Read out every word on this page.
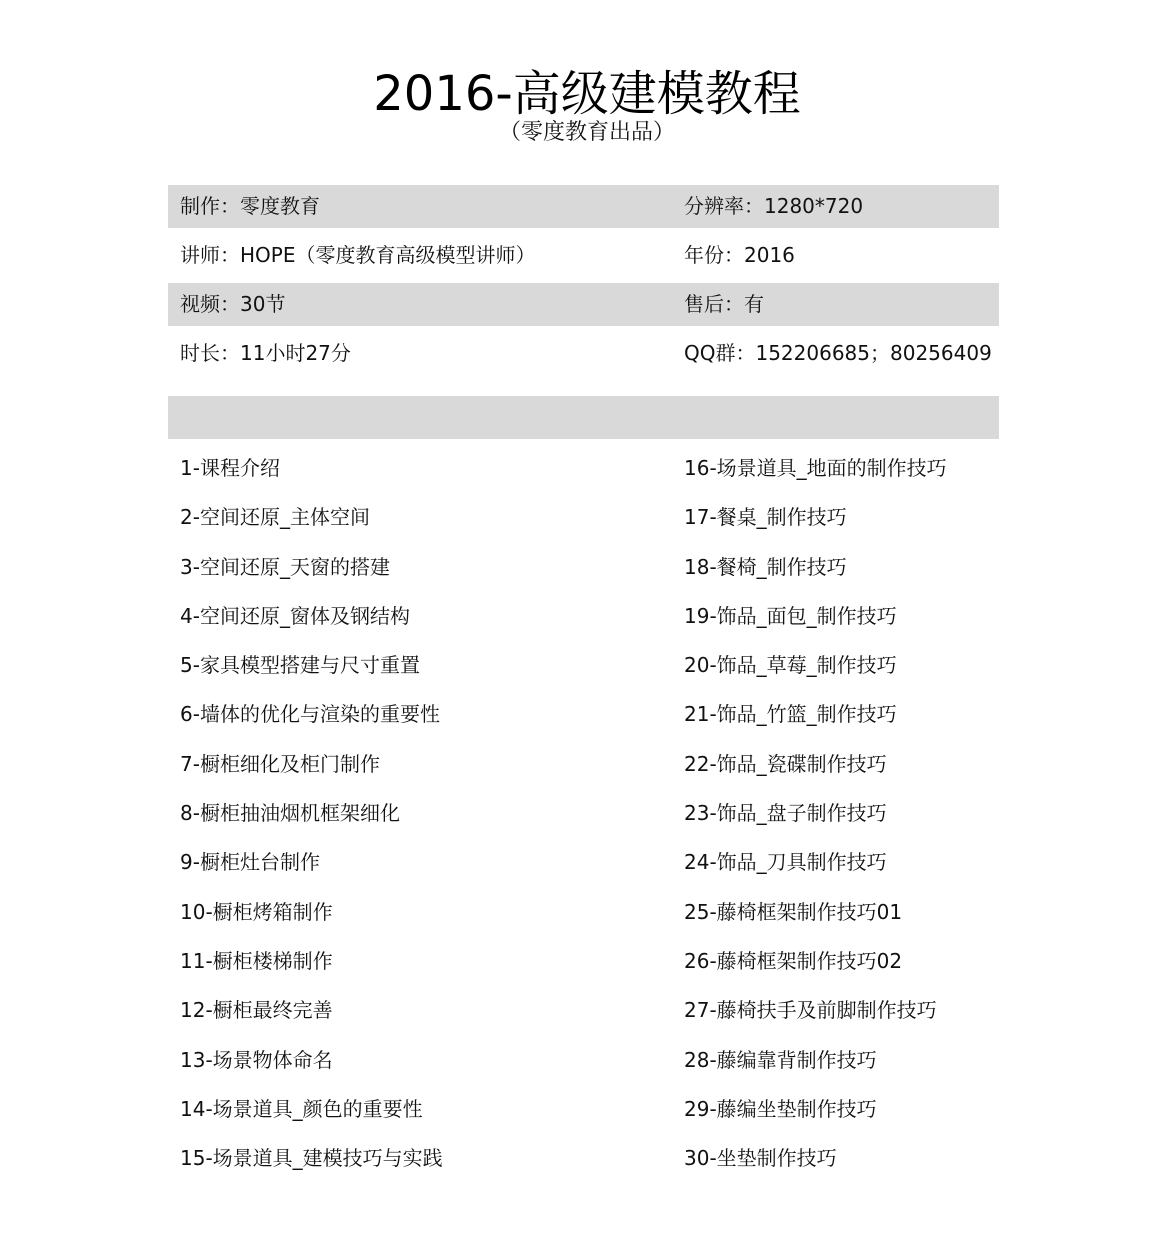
2016-高级建模教程
（零度教育出品）
制作：零度教育	分辨率：1280*720
讲师：HOPE（零度教育高级模型讲师）	年份：2016
视频：30节	售后：有
时长：11小时27分	QQ群：152206685；80256409
1-课程介绍	16-场景道具_地面的制作技巧
2-空间还原_主体空间	17-餐桌_制作技巧
3-空间还原_天窗的搭建	18-餐椅_制作技巧
4-空间还原_窗体及钢结构	19-饰品_面包_制作技巧
5-家具模型搭建与尺寸重置	20-饰品_草莓_制作技巧
6-墙体的优化与渲染的重要性	21-饰品_竹篮_制作技巧
7-橱柜细化及柜门制作	22-饰品_瓷碟制作技巧
8-橱柜抽油烟机框架细化	23-饰品_盘子制作技巧
9-橱柜灶台制作	24-饰品_刀具制作技巧
10-橱柜烤箱制作	25-藤椅框架制作技巧01
11-橱柜楼梯制作	26-藤椅框架制作技巧02
12-橱柜最终完善	27-藤椅扶手及前脚制作技巧
13-场景物体命名	28-藤编靠背制作技巧
14-场景道具_颜色的重要性	29-藤编坐垫制作技巧
15-场景道具_建模技巧与实践	30-坐垫制作技巧
